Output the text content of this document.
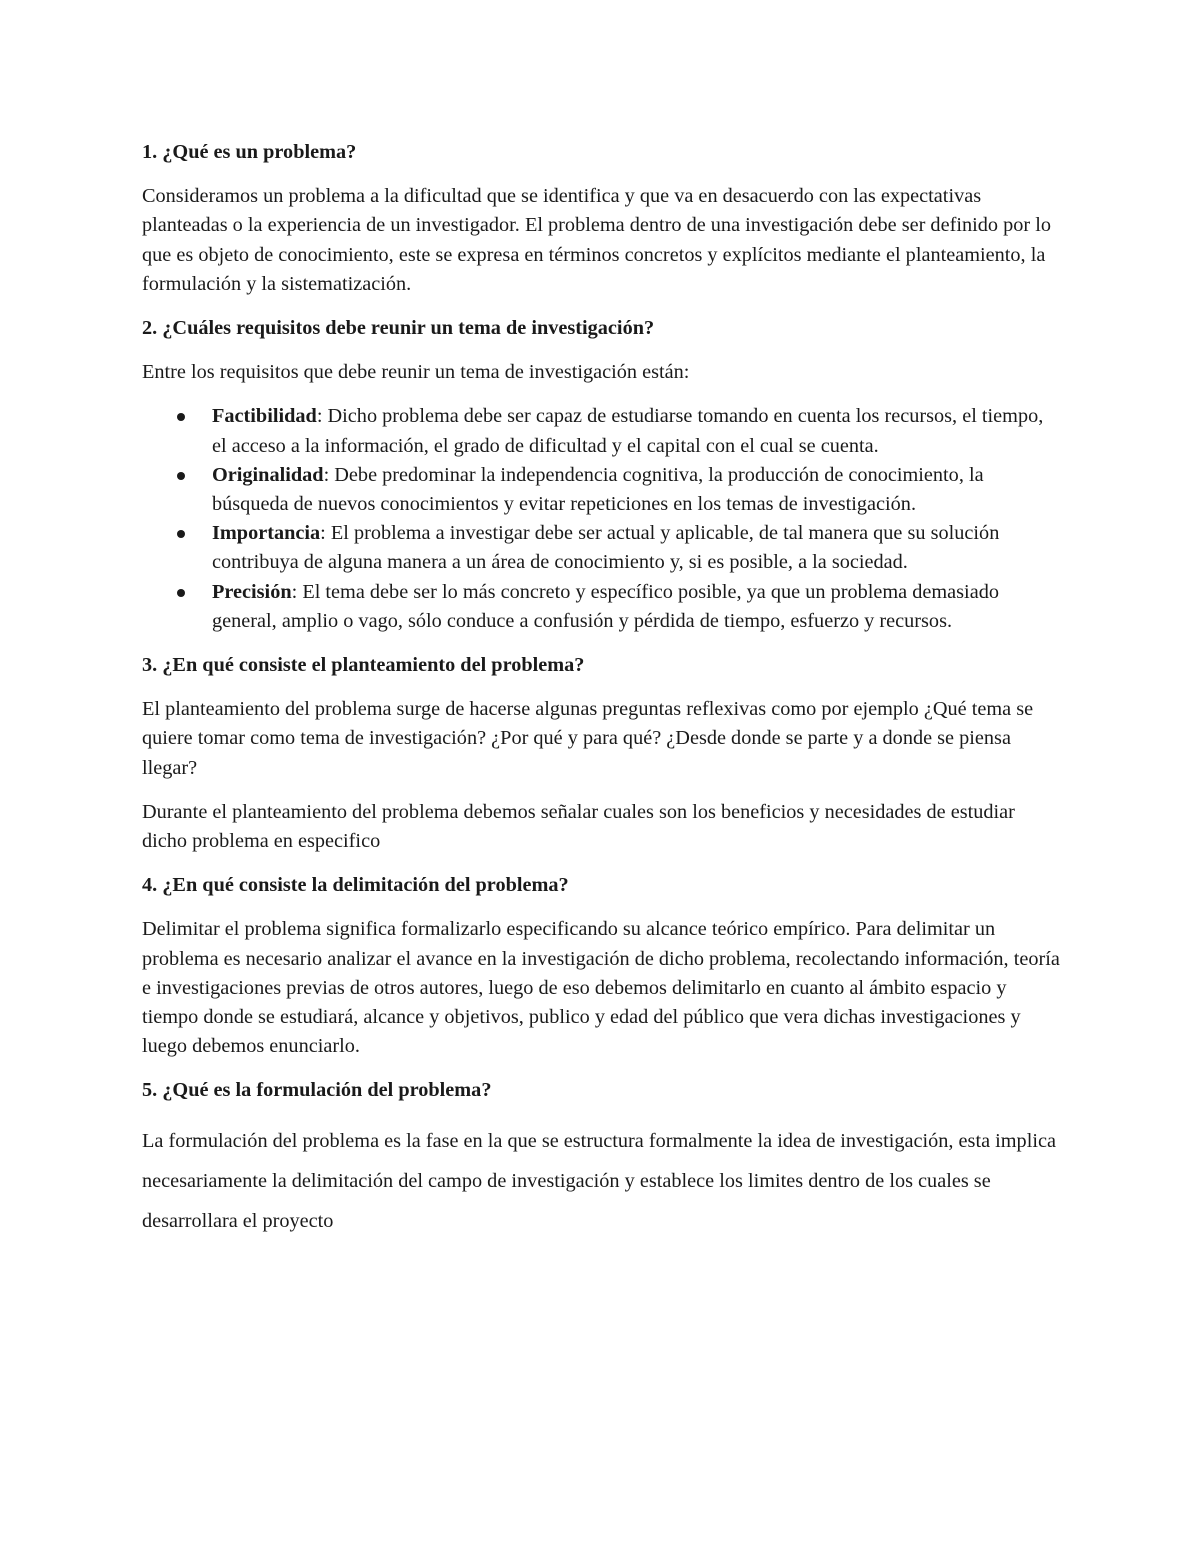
1. ¿Qué es un problema?

Consideramos un problema a la dificultad que se identifica y que va en desacuerdo con las expectativas planteadas o la experiencia de un investigador. El problema dentro de una investigación debe ser definido por lo que es objeto de conocimiento, este se expresa en términos concretos y explícitos mediante el planteamiento, la formulación y la sistematización.

2. ¿Cuáles requisitos debe reunir un tema de investigación?

Entre los requisitos que debe reunir un tema de investigación están:

Factibilidad: Dicho problema debe ser capaz de estudiarse tomando en cuenta los recursos, el tiempo, el acceso a la información, el grado de dificultad y el capital con el cual se cuenta.
Originalidad: Debe predominar la independencia cognitiva, la producción de conocimiento, la búsqueda de nuevos conocimientos y evitar repeticiones en los temas de investigación.
Importancia: El problema a investigar debe ser actual y aplicable, de tal manera que su solución contribuya de alguna manera a un área de conocimiento y, si es posible, a la sociedad.
Precisión: El tema debe ser lo más concreto y específico posible, ya que un problema demasiado general, amplio o vago, sólo conduce a confusión y pérdida de tiempo, esfuerzo y recursos.

3. ¿En qué consiste el planteamiento del problema?

El planteamiento del problema surge de hacerse algunas preguntas reflexivas como por ejemplo ¿Qué tema se quiere tomar como tema de investigación? ¿Por qué y para qué? ¿Desde donde se parte y a donde se piensa llegar?

Durante el planteamiento del problema debemos señalar cuales son los beneficios y necesidades de estudiar dicho problema en especifico

4. ¿En qué consiste la delimitación del problema?

Delimitar el problema significa formalizarlo especificando su alcance teórico empírico. Para delimitar un problema es necesario analizar el avance en la investigación de dicho problema, recolectando información, teoría e investigaciones previas de otros autores, luego de eso debemos delimitarlo en cuanto al ámbito espacio y tiempo donde se estudiará, alcance y objetivos, publico y edad del público que vera dichas investigaciones y luego debemos enunciarlo.

5. ¿Qué es la formulación del problema?

La formulación del problema es la fase en la que se estructura formalmente la idea de investigación, esta implica necesariamente la delimitación del campo de investigación y establece los limites dentro de los cuales se desarrollara el proyecto
